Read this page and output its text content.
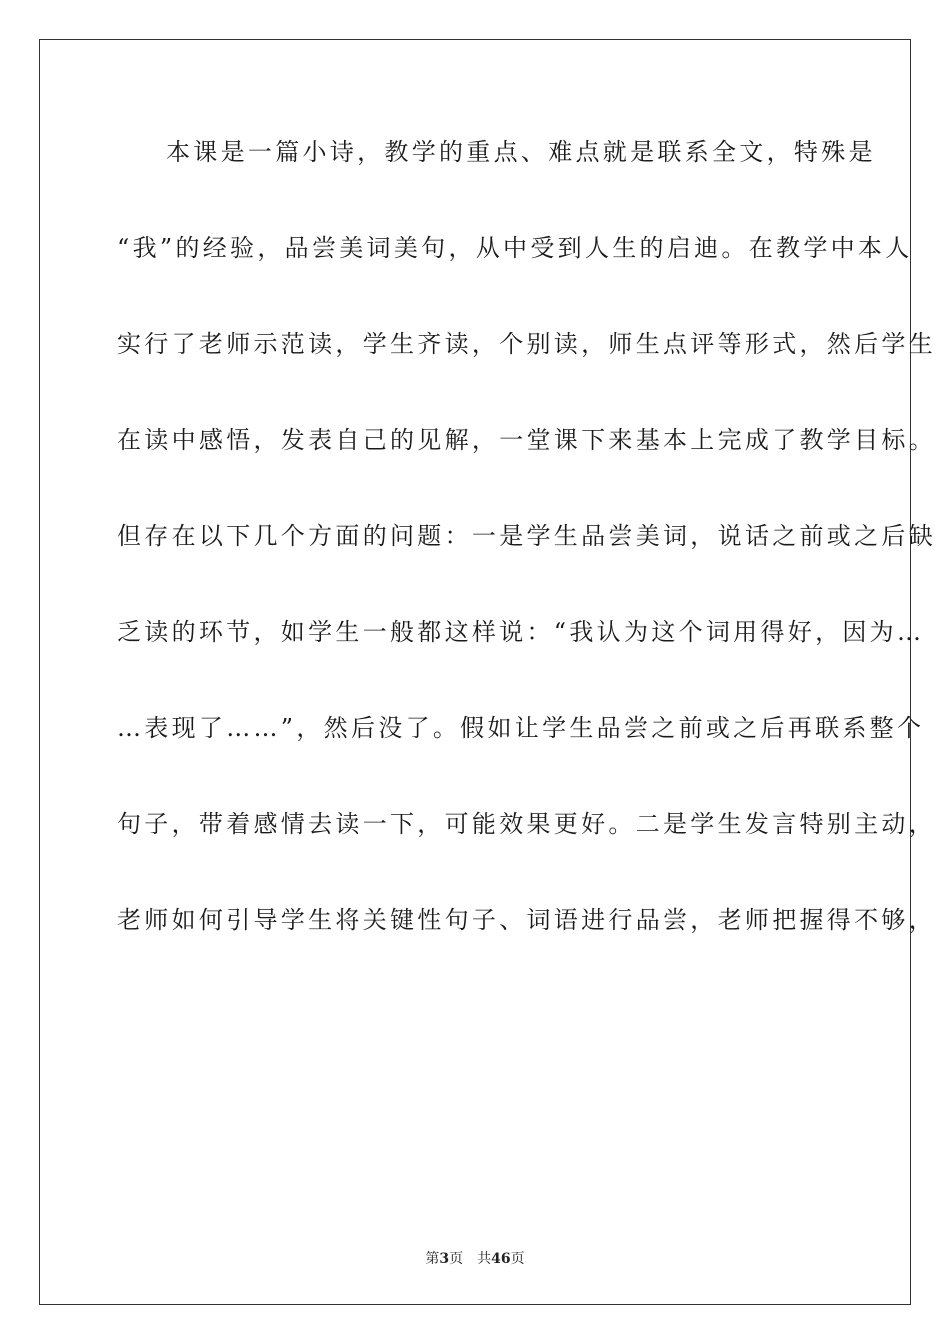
本课是一篇小诗，教学的重点、难点就是联系全文，特殊是
“我”的经验，品尝美词美句，从中受到人生的启迪。在教学中本人
实行了老师示范读，学生齐读，个别读，师生点评等形式，然后学生
在读中感悟，发表自己的见解，一堂课下来基本上完成了教学目标。
但存在以下几个方面的问题：一是学生品尝美词，说话之前或之后缺
乏读的环节，如学生一般都这样说：“我认为这个词用得好，因为…
…表现了……”，然后没了。假如让学生品尝之前或之后再联系整个
句子，带着感情去读一下，可能效果更好。二是学生发言特别主动，
老师如何引导学生将关键性句子、词语进行品尝，老师把握得不够，
第3页 共46页
